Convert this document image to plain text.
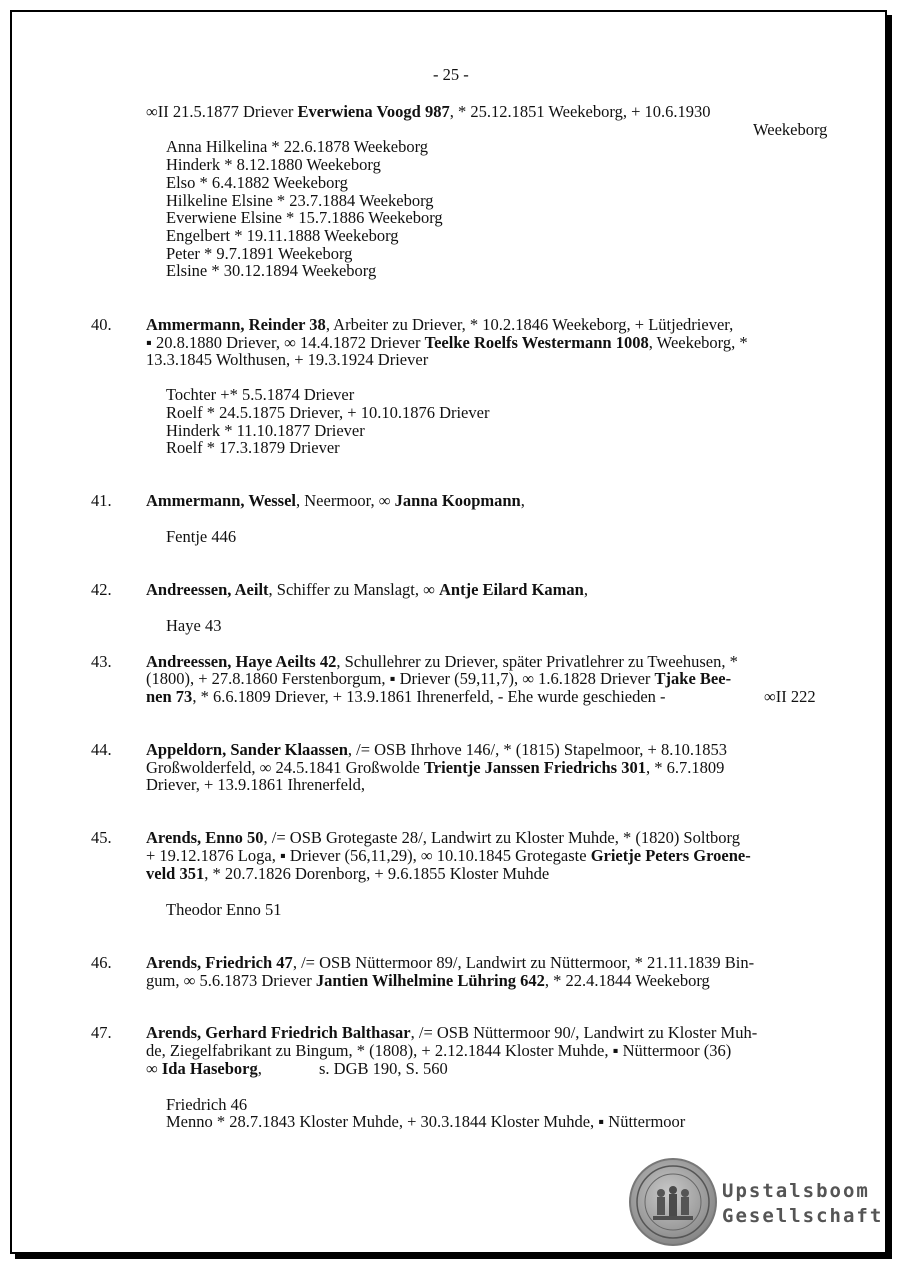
- 25 -
∞II 21.5.1877 Driever Everwiena Voogd 987, * 25.12.1851 Weekeborg, + 10.6.1930
Weekeborg
Anna Hilkelina * 22.6.1878 Weekeborg
Hinderk * 8.12.1880 Weekeborg
Elso * 6.4.1882 Weekeborg
Hilkeline Elsine * 23.7.1884 Weekeborg
Everwiene Elsine * 15.7.1886 Weekeborg
Engelbert * 19.11.1888 Weekeborg
Peter * 9.7.1891 Weekeborg
Elsine * 30.12.1894 Weekeborg
40. Ammermann, Reinder 38, Arbeiter zu Driever, * 10.2.1846 Weekeborg, + Lütjedriever,
▪ 20.8.1880 Driever, ∞ 14.4.1872 Driever Teelke Roelfs Westermann 1008, Weekeborg, *
13.3.1845 Wolthusen, + 19.3.1924 Driever
Tochter +* 5.5.1874 Driever
Roelf * 24.5.1875 Driever, + 10.10.1876 Driever
Hinderk * 11.10.1877 Driever
Roelf * 17.3.1879 Driever
41. Ammermann, Wessel, Neermoor, ∞ Janna Koopmann,
Fentje 446
42. Andreessen, Aeilt, Schiffer zu Manslagt, ∞ Antje Eilard Kaman,
Haye 43
43. Andreessen, Haye Aeilts 42, Schullehrer zu Driever, später Privatlehrer zu Tweehusen, *
(1800), + 27.8.1860 Ferstenborgum, ▪ Driever (59,11,7), ∞ 1.6.1828 Driever Tjake Bee-
nen 73, * 6.6.1809 Driever, + 13.9.1861 Ihrenerfeld, - Ehe wurde geschieden -	∞II 222
44. Appeldorn, Sander Klaassen, /= OSB Ihrhove 146/, * (1815) Stapelmoor, + 8.10.1853
Großwolderfeld, ∞ 24.5.1841 Großwolde Trientje Janssen Friedrichs 301, * 6.7.1809
Driever, + 13.9.1861 Ihrenerfeld,
45. Arends, Enno 50, /= OSB Grotegaste 28/, Landwirt zu Kloster Muhde, * (1820) Soltborg
+ 19.12.1876 Loga, ▪ Driever (56,11,29), ∞ 10.10.1845 Grotegaste Grietje Peters Groene-
veld 351, * 20.7.1826 Dorenborg, + 9.6.1855 Kloster Muhde
Theodor Enno 51
46. Arends, Friedrich 47, /= OSB Nüttermoor 89/, Landwirt zu Nüttermoor, * 21.11.1839 Bin-
gum, ∞ 5.6.1873 Driever Jantien Wilhelmine Lühring 642, * 22.4.1844 Weekeborg
47. Arends, Gerhard Friedrich Balthasar, /= OSB Nüttermoor 90/, Landwirt zu Kloster Muh-
de, Ziegelfabrikant zu Bingum, * (1808), + 2.12.1844 Kloster Muhde, ▪ Nüttermoor (36)
∞ Ida Haseborg,	s. DGB 190, S. 560
Friedrich 46
Menno * 28.7.1843 Kloster Muhde, + 30.3.1844 Kloster Muhde, ▪ Nüttermoor
Upstalsboom
Gesellschaft
